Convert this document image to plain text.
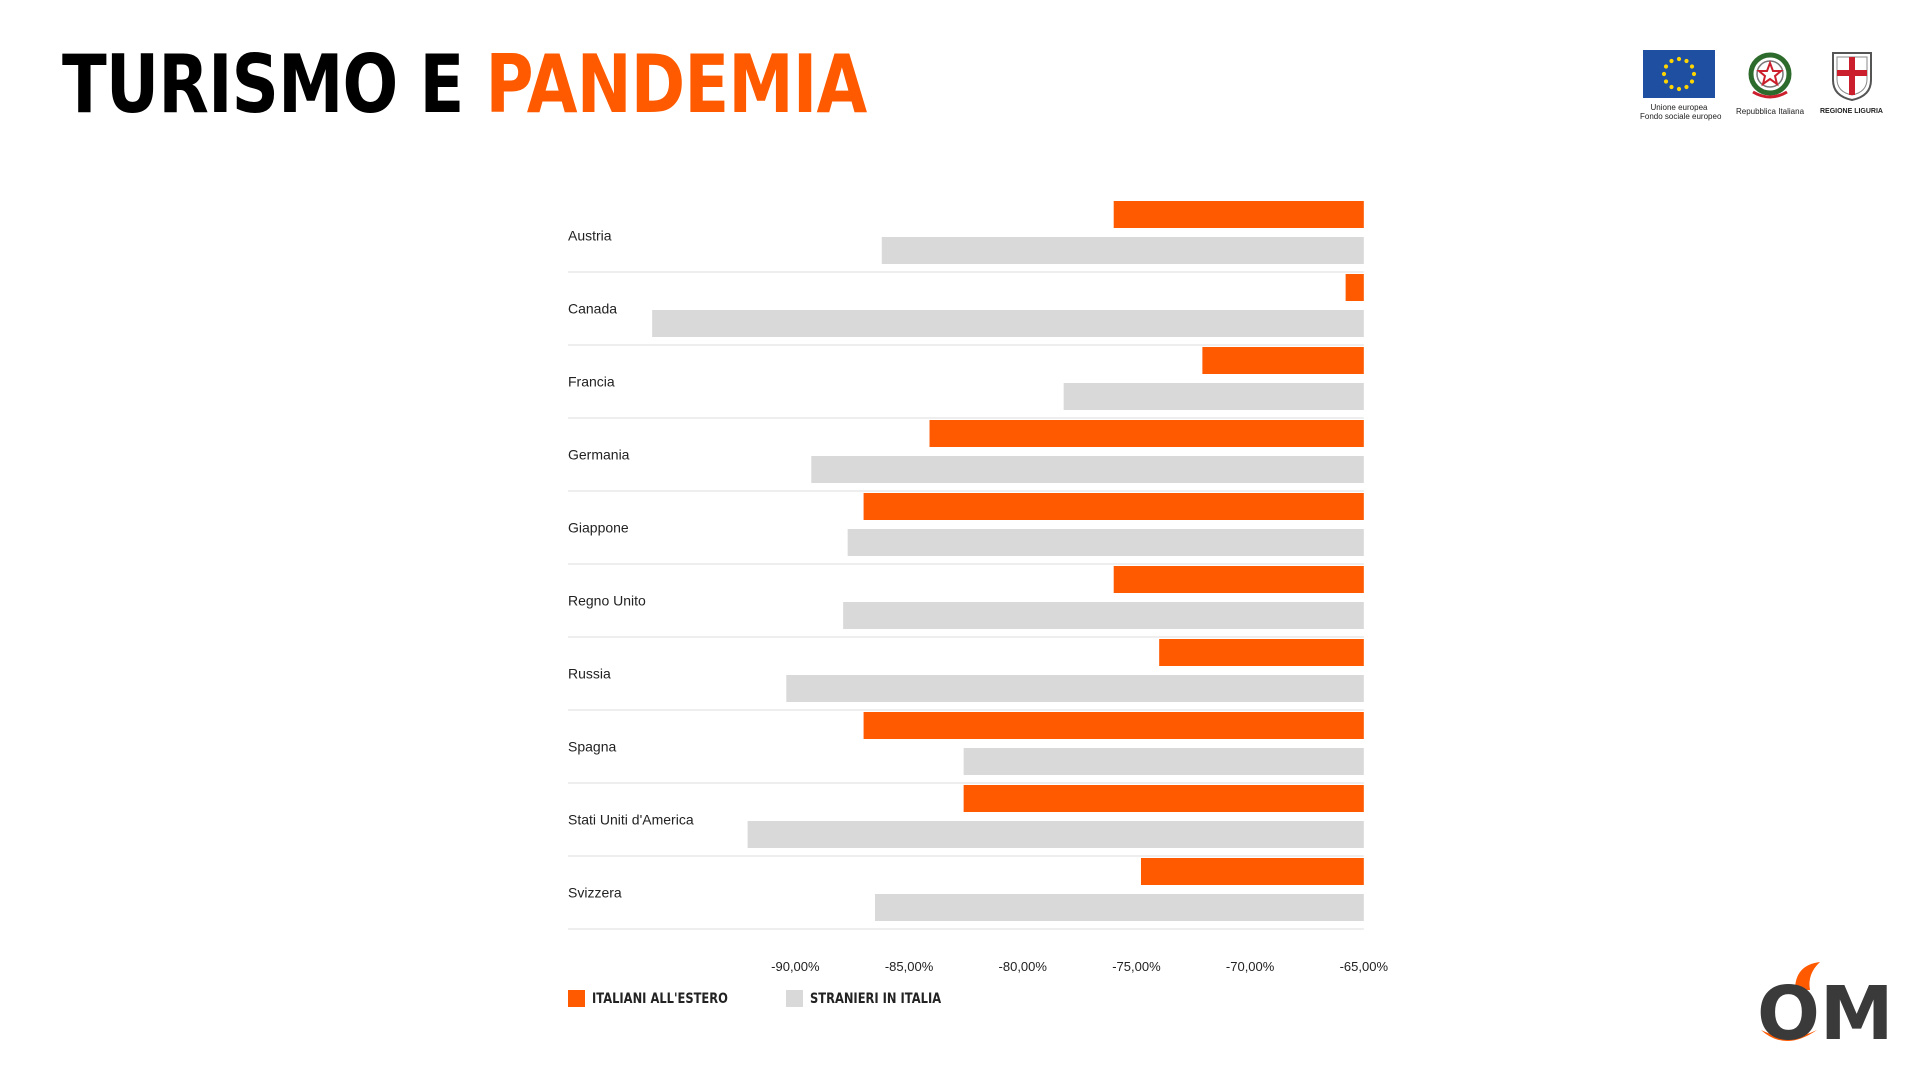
TURISMO E PANDEMIA	Unione europea
Fondo sociale europeo
Repubblica Italiana	REGIONE LIGURIA
Austria
Canada
Francia
Germania
Giappone
Regno Unito
Russia
Spagna
Stati Uniti d'America
Svizzera
-90,00%	-85,00%	-80,00%	-75,00%	-70,00%	-65,00%
ITALIANI ALL'ESTERO	STRANIERI IN ITALIA	OM
